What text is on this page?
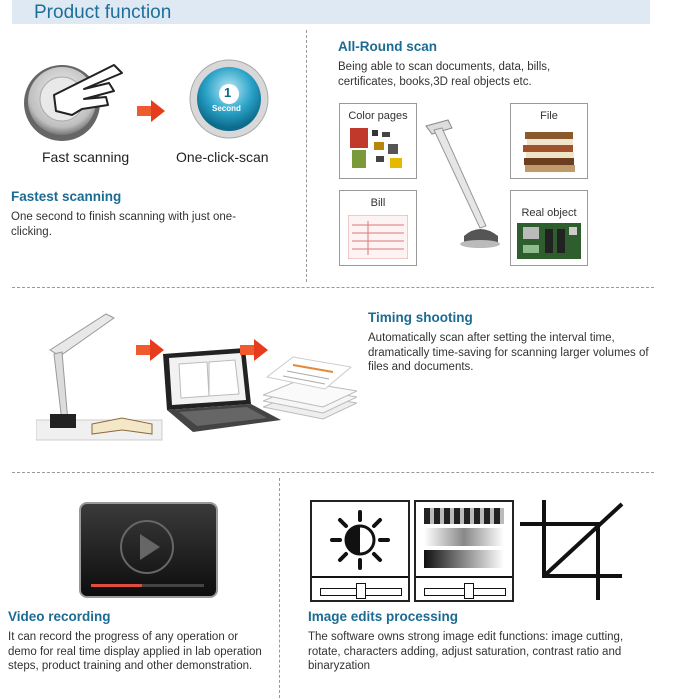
Product function
1
Second
Fast scanning	One-click-scan
Fastest scanning
One second to finish scanning with just one-clicking.
All-Round scan
Being able to scan documents, data, bills, certificates, books,3D real objects etc.
Color pages	File
Bill
Real object
Timing shooting
Automatically scan after setting the interval time, dramatically time-saving for scanning larger volumes of files and documents.
Video recording
It can record the progress of any operation or demo for real time display applied in lab operation steps, product training and other demonstration.
Image edits processing
The software owns strong image edit functions: image cutting, rotate, characters adding, adjust saturation, contrast ratio and binaryzation
